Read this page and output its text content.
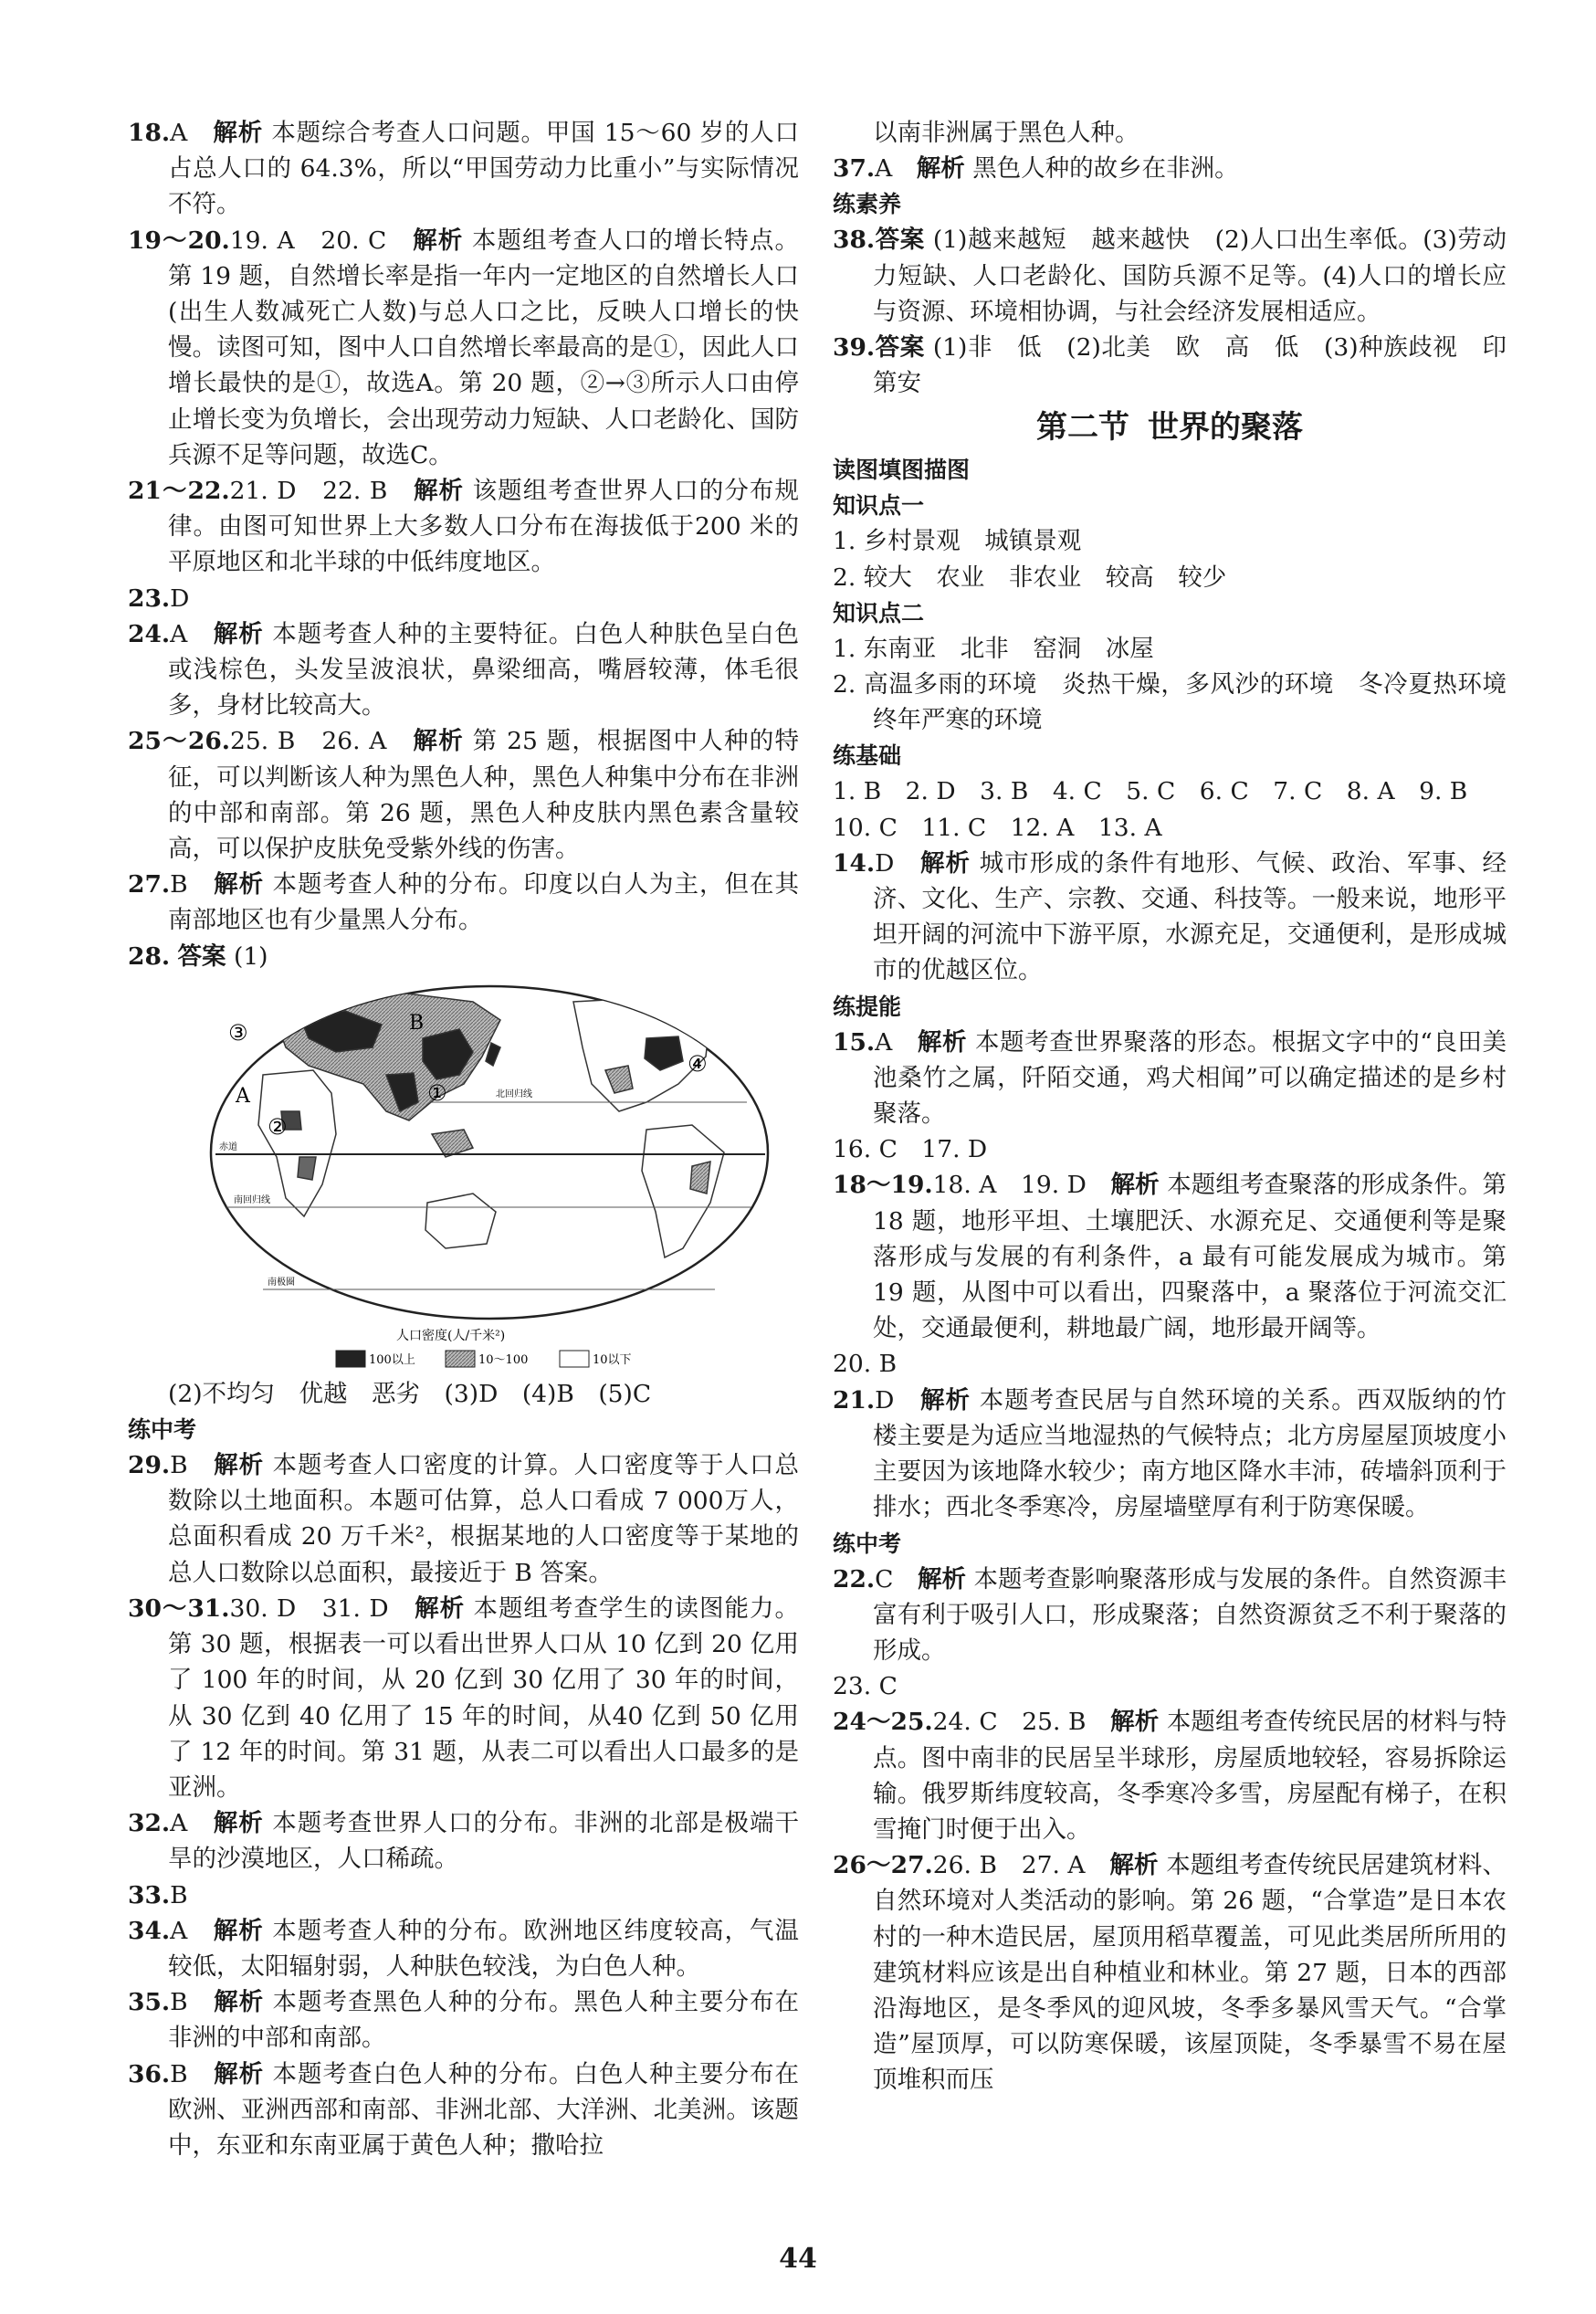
18.A　 解析 本题综合考查人口问题。甲国 15～60 岁的人口占总人口的 64.3%，所以“甲国劳动力比重小”与实际情况不符。

19～20.19. A　20. C　 解析 本题组考查人口的增长特点。第 19 题，自然增长率是指一年内一定地区的自然增长人口(出生人数减死亡人数)与总人口之比，反映人口增长的快慢。读图可知，图中人口自然增长率最高的是①，因此人口增长最快的是①，故选A。第 20 题，②→③所示人口由停止增长变为负增长，会出现劳动力短缺、人口老龄化、国防兵源不足等问题，故选C。

21～22.21. D　22. B　 解析 该题组考查世界人口的分布规律。由图可知世界上大多数人口分布在海拔低于200 米的平原地区和北半球的中低纬度地区。

23.D

24.A　 解析 本题考查人种的主要特征。白色人种肤色呈白色或浅棕色，头发呈波浪状，鼻梁细高，嘴唇较薄，体毛很多，身材比较高大。

25～26.25. B　26. A　 解析 第 25 题，根据图中人种的特征，可以判断该人种为黑色人种，黑色人种集中分布在非洲的中部和南部。第 26 题，黑色人种皮肤内黑色素含量较高，可以保护皮肤免受紫外线的伤害。

27.B　 解析 本题考查人种的分布。印度以白人为主，但在其南部地区也有少量黑人分布。

28. 答案 (1)

北回归线
赤道
南回归线
南极圈
B
A	①
②
③
④
人口密度(人/千米²)
100以上	10～100	10以下

(2)不均匀　优越　恶劣　(3)D　(4)B　(5)C

练中考

29.B　 解析 本题考查人口密度的计算。人口密度等于人口总数除以土地面积。本题可估算，总人口看成 7 000万人，总面积看成 20 万千米²，根据某地的人口密度等于某地的总人口数除以总面积，最接近于 B 答案。

30～31.30. D　31. D　 解析 本题组考查学生的读图能力。第 30 题，根据表一可以看出世界人口从 10 亿到 20 亿用了 100 年的时间，从 20 亿到 30 亿用了 30 年的时间，从 30 亿到 40 亿用了 15 年的时间，从40 亿到 50 亿用了 12 年的时间。第 31 题，从表二可以看出人口最多的是亚洲。

32.A　 解析 本题考查世界人口的分布。非洲的北部是极端干旱的沙漠地区，人口稀疏。

33.B

34.A　 解析 本题考查人种的分布。欧洲地区纬度较高，气温较低，太阳辐射弱，人种肤色较浅，为白色人种。

35.B　 解析 本题考查黑色人种的分布。黑色人种主要分布在非洲的中部和南部。

36.B　 解析 本题考查白色人种的分布。白色人种主要分布在欧洲、亚洲西部和南部、非洲北部、大洋洲、北美洲。该题中，东亚和东南亚属于黄色人种；撒哈拉

以南非洲属于黑色人种。

37.A　 解析 黑色人种的故乡在非洲。

练素养

38.答案 (1)越来越短　越来越快　(2)人口出生率低。(3)劳动力短缺、人口老龄化、国防兵源不足等。(4)人口的增长应与资源、环境相协调，与社会经济发展相适应。

39.答案 (1)非　低　(2)北美　欧　高　低　(3)种族歧视　印第安

第二节 世界的聚落

读图填图描图

知识点一

1. 乡村景观　城镇景观

2. 较大　农业　非农业　较高　较少

知识点二

1. 东南亚　北非　窑洞　冰屋

2. 高温多雨的环境　炎热干燥，多风沙的环境　冬冷夏热环境　终年严寒的环境

练基础

1. B　2. D　3. B　4. C　5. C　6. C　7. C　8. A　9. B

10. C　11. C　12. A　13. A

14.D　 解析 城市形成的条件有地形、气候、政治、军事、经济、文化、生产、宗教、交通、科技等。一般来说，地形平坦开阔的河流中下游平原，水源充足，交通便利，是形成城市的优越区位。

练提能

15.A　 解析 本题考查世界聚落的形态。根据文字中的“良田美池桑竹之属，阡陌交通，鸡犬相闻”可以确定描述的是乡村聚落。

16. C　17. D

18～19.18. A　19. D　 解析 本题组考查聚落的形成条件。第 18 题，地形平坦、土壤肥沃、水源充足、交通便利等是聚落形成与发展的有利条件，a 最有可能发展成为城市。第 19 题，从图中可以看出，四聚落中，a 聚落位于河流交汇处，交通最便利，耕地最广阔，地形最开阔等。

20. B

21.D　 解析 本题考查民居与自然环境的关系。西双版纳的竹楼主要是为适应当地湿热的气候特点；北方房屋屋顶坡度小主要因为该地降水较少；南方地区降水丰沛，砖墙斜顶利于排水；西北冬季寒冷，房屋墙壁厚有利于防寒保暖。

练中考

22.C　 解析 本题考查影响聚落形成与发展的条件。自然资源丰富有利于吸引人口，形成聚落；自然资源贫乏不利于聚落的形成。

23. C

24～25.24. C　25. B　 解析 本题组考查传统民居的材料与特点。图中南非的民居呈半球形，房屋质地较轻，容易拆除运输。俄罗斯纬度较高，冬季寒冷多雪，房屋配有梯子，在积雪掩门时便于出入。

26～27.26. B　27. A　 解析 本题组考查传统民居建筑材料、自然环境对人类活动的影响。第 26 题，“合掌造”是日本农村的一种木造民居，屋顶用稻草覆盖，可见此类居所所用的建筑材料应该是出自种植业和林业。第 27 题，日本的西部沿海地区，是冬季风的迎风坡，冬季多暴风雪天气。“合掌造”屋顶厚，可以防寒保暖，该屋顶陡，冬季暴雪不易在屋顶堆积而压

44
